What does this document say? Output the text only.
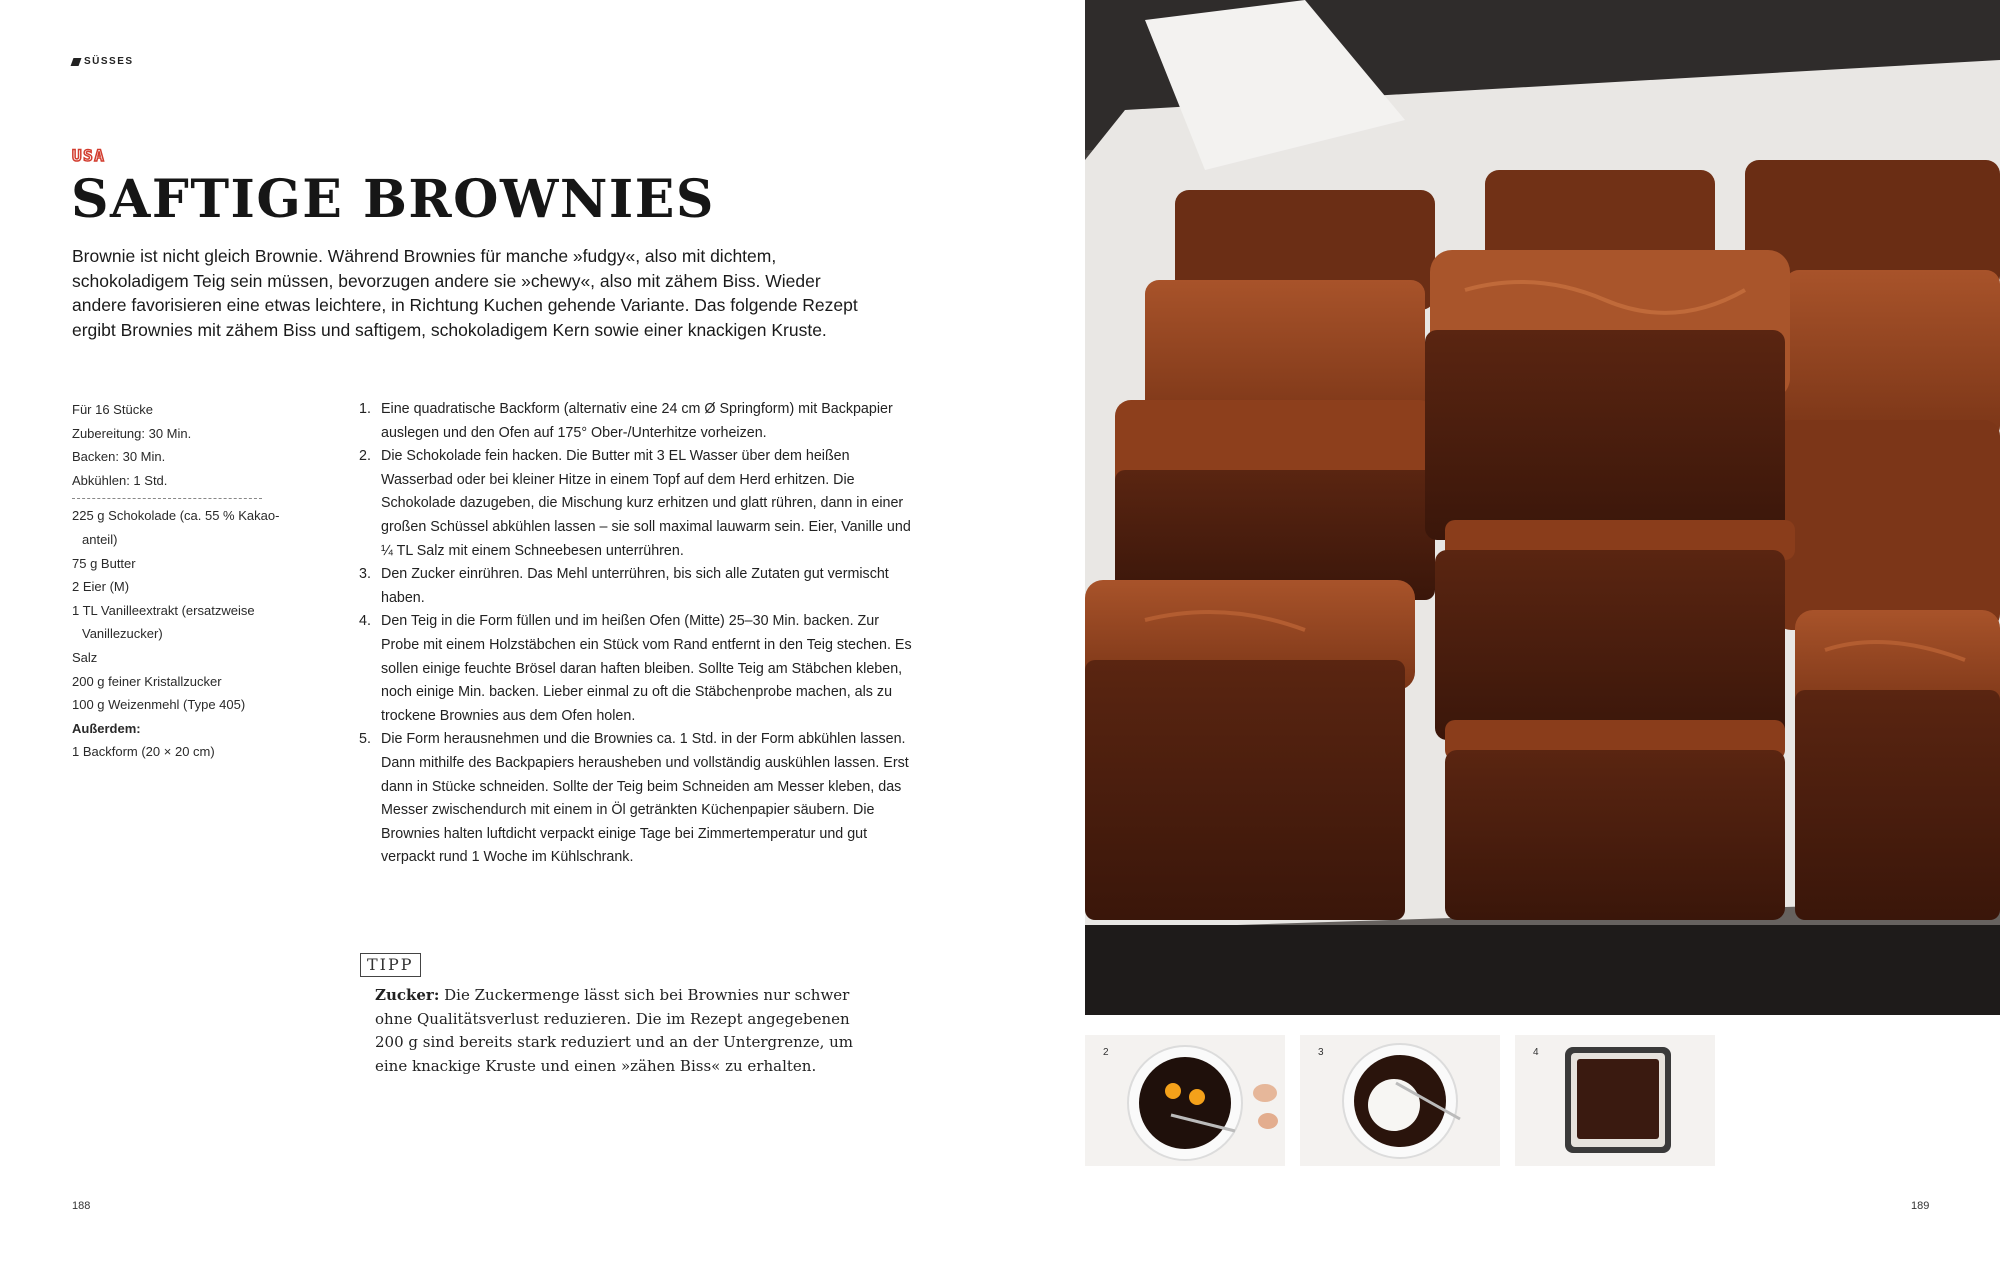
SÜSSES
USA
SAFTIGE BROWNIES

Brownie ist nicht gleich Brownie. Während Brownies für manche »fudgy«, also mit dichtem, schokoladigem Teig sein müssen, bevorzugen andere sie »chewy«, also mit zähem Biss. Wieder andere favorisieren eine etwas leichtere, in Richtung Kuchen gehende Variante. Das folgende Rezept ergibt Brownies mit zähem Biss und saftigem, schokoladigem Kern sowie einer knackigen Kruste.

Für 16 Stücke
Zubereitung: 30 Min.
Backen: 30 Min.
Abkühlen: 1 Std.
225 g Schokolade (ca. 55 % Kakao-
anteil)
75 g Butter
2 Eier (M)
1 TL Vanilleextrakt (ersatzweise
Vanillezucker)
Salz
200 g feiner Kristallzucker
100 g Weizenmehl (Type 405)
Außerdem:
1 Backform (20 × 20 cm)
1. Eine quadratische Backform (alternativ eine 24 cm Ø Springform) mit Backpapier auslegen und den Ofen auf 175° Ober-/Unterhitze vorheizen.
2. Die Schokolade fein hacken. Die Butter mit 3 EL Wasser über dem heißen Wasserbad oder bei kleiner Hitze in einem Topf auf dem Herd erhitzen. Die Schokolade dazugeben, die Mischung kurz erhitzen und glatt rühren, dann in einer großen Schüssel abkühlen lassen – sie soll maximal lauwarm sein. Eier, Vanille und ¼ TL Salz mit einem Schneebesen unterrühren.
3. Den Zucker einrühren. Das Mehl unterrühren, bis sich alle Zutaten gut vermischt haben.
4. Den Teig in die Form füllen und im heißen Ofen (Mitte) 25–30 Min. backen. Zur Probe mit einem Holzstäbchen ein Stück vom Rand entfernt in den Teig stechen. Es sollen einige feuchte Brösel daran haften bleiben. Sollte Teig am Stäbchen kleben, noch einige Min. backen. Lieber einmal zu oft die Stäbchenprobe machen, als zu trockene Brownies aus dem Ofen holen.
5. Die Form herausnehmen und die Brownies ca. 1 Std. in der Form abkühlen lassen. Dann mithilfe des Backpapiers herausheben und vollständig auskühlen lassen. Erst dann in Stücke schneiden. Sollte der Teig beim Schneiden am Messer kleben, das Messer zwischendurch mit einem in Öl getränkten Küchenpapier säubern. Die Brownies halten luftdicht verpackt einige Tage bei Zimmertemperatur und gut verpackt rund 1 Woche im Kühlschrank.
TIPP

Zucker: Die Zuckermenge lässt sich bei Brownies nur schwer ohne Qualitätsverlust reduzieren. Die im Rezept angegebenen 200 g sind bereits stark reduziert und an der Untergrenze, um eine knackige Kruste und einen »zähen Biss« zu erhalten.

188
2	3	4
189
